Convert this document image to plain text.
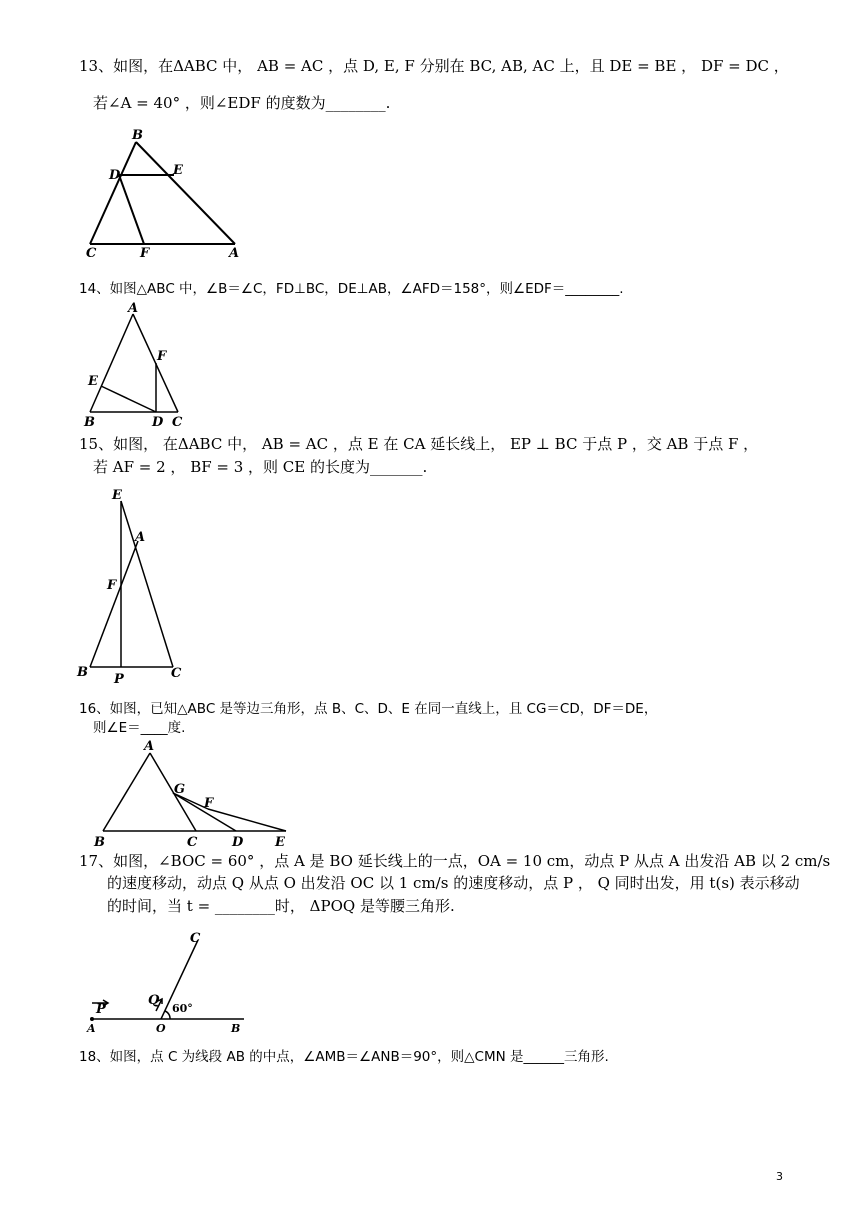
13、如图，在ΔABC 中， AB = AC ，点 D, E, F 分别在 BC, AB, AC 上，且 DE = BE ， DF = DC ，
若∠A = 40° ，则∠EDF 的度数为________.
B
D	E
C	F	A
14、如图△ABC 中，∠B＝∠C，FD⊥BC，DE⊥AB，∠AFD＝158°，则∠EDF＝________.
A
F
E
B	D C
15、如图， 在ΔABC 中， AB = AC ，点 E 在 CA 延长线上， EP ⊥ BC 于点 P ，交 AB 于点 F ，
若 AF = 2 ， BF = 3 ，则 CE 的长度为_______.
E
A
F
B P	C
16、如图，已知△ABC 是等边三角形，点 B、C、D、E 在同一直线上，且 CG＝CD，DF＝DE，
则∠E＝____度.
A
G
F
B	C	D E
17、如图，∠BOC = 60° ，点 A 是 BO 延长线上的一点，OA = 10 cm，动点 P 从点 A 出发沿 AB 以 2 cm/s
的速度移动，动点 Q 从点 O 出发沿 OC 以 1 cm/s 的速度移动，点 P ， Q 同时出发，用 t(s) 表示移动
的时间，当 t = ________时， ΔPOQ 是等腰三角形.
C
P
Q
60°
A	O	B
18、如图，点 C 为线段 AB 的中点，∠AMB＝∠ANB＝90°，则△CMN 是______三角形.
3
